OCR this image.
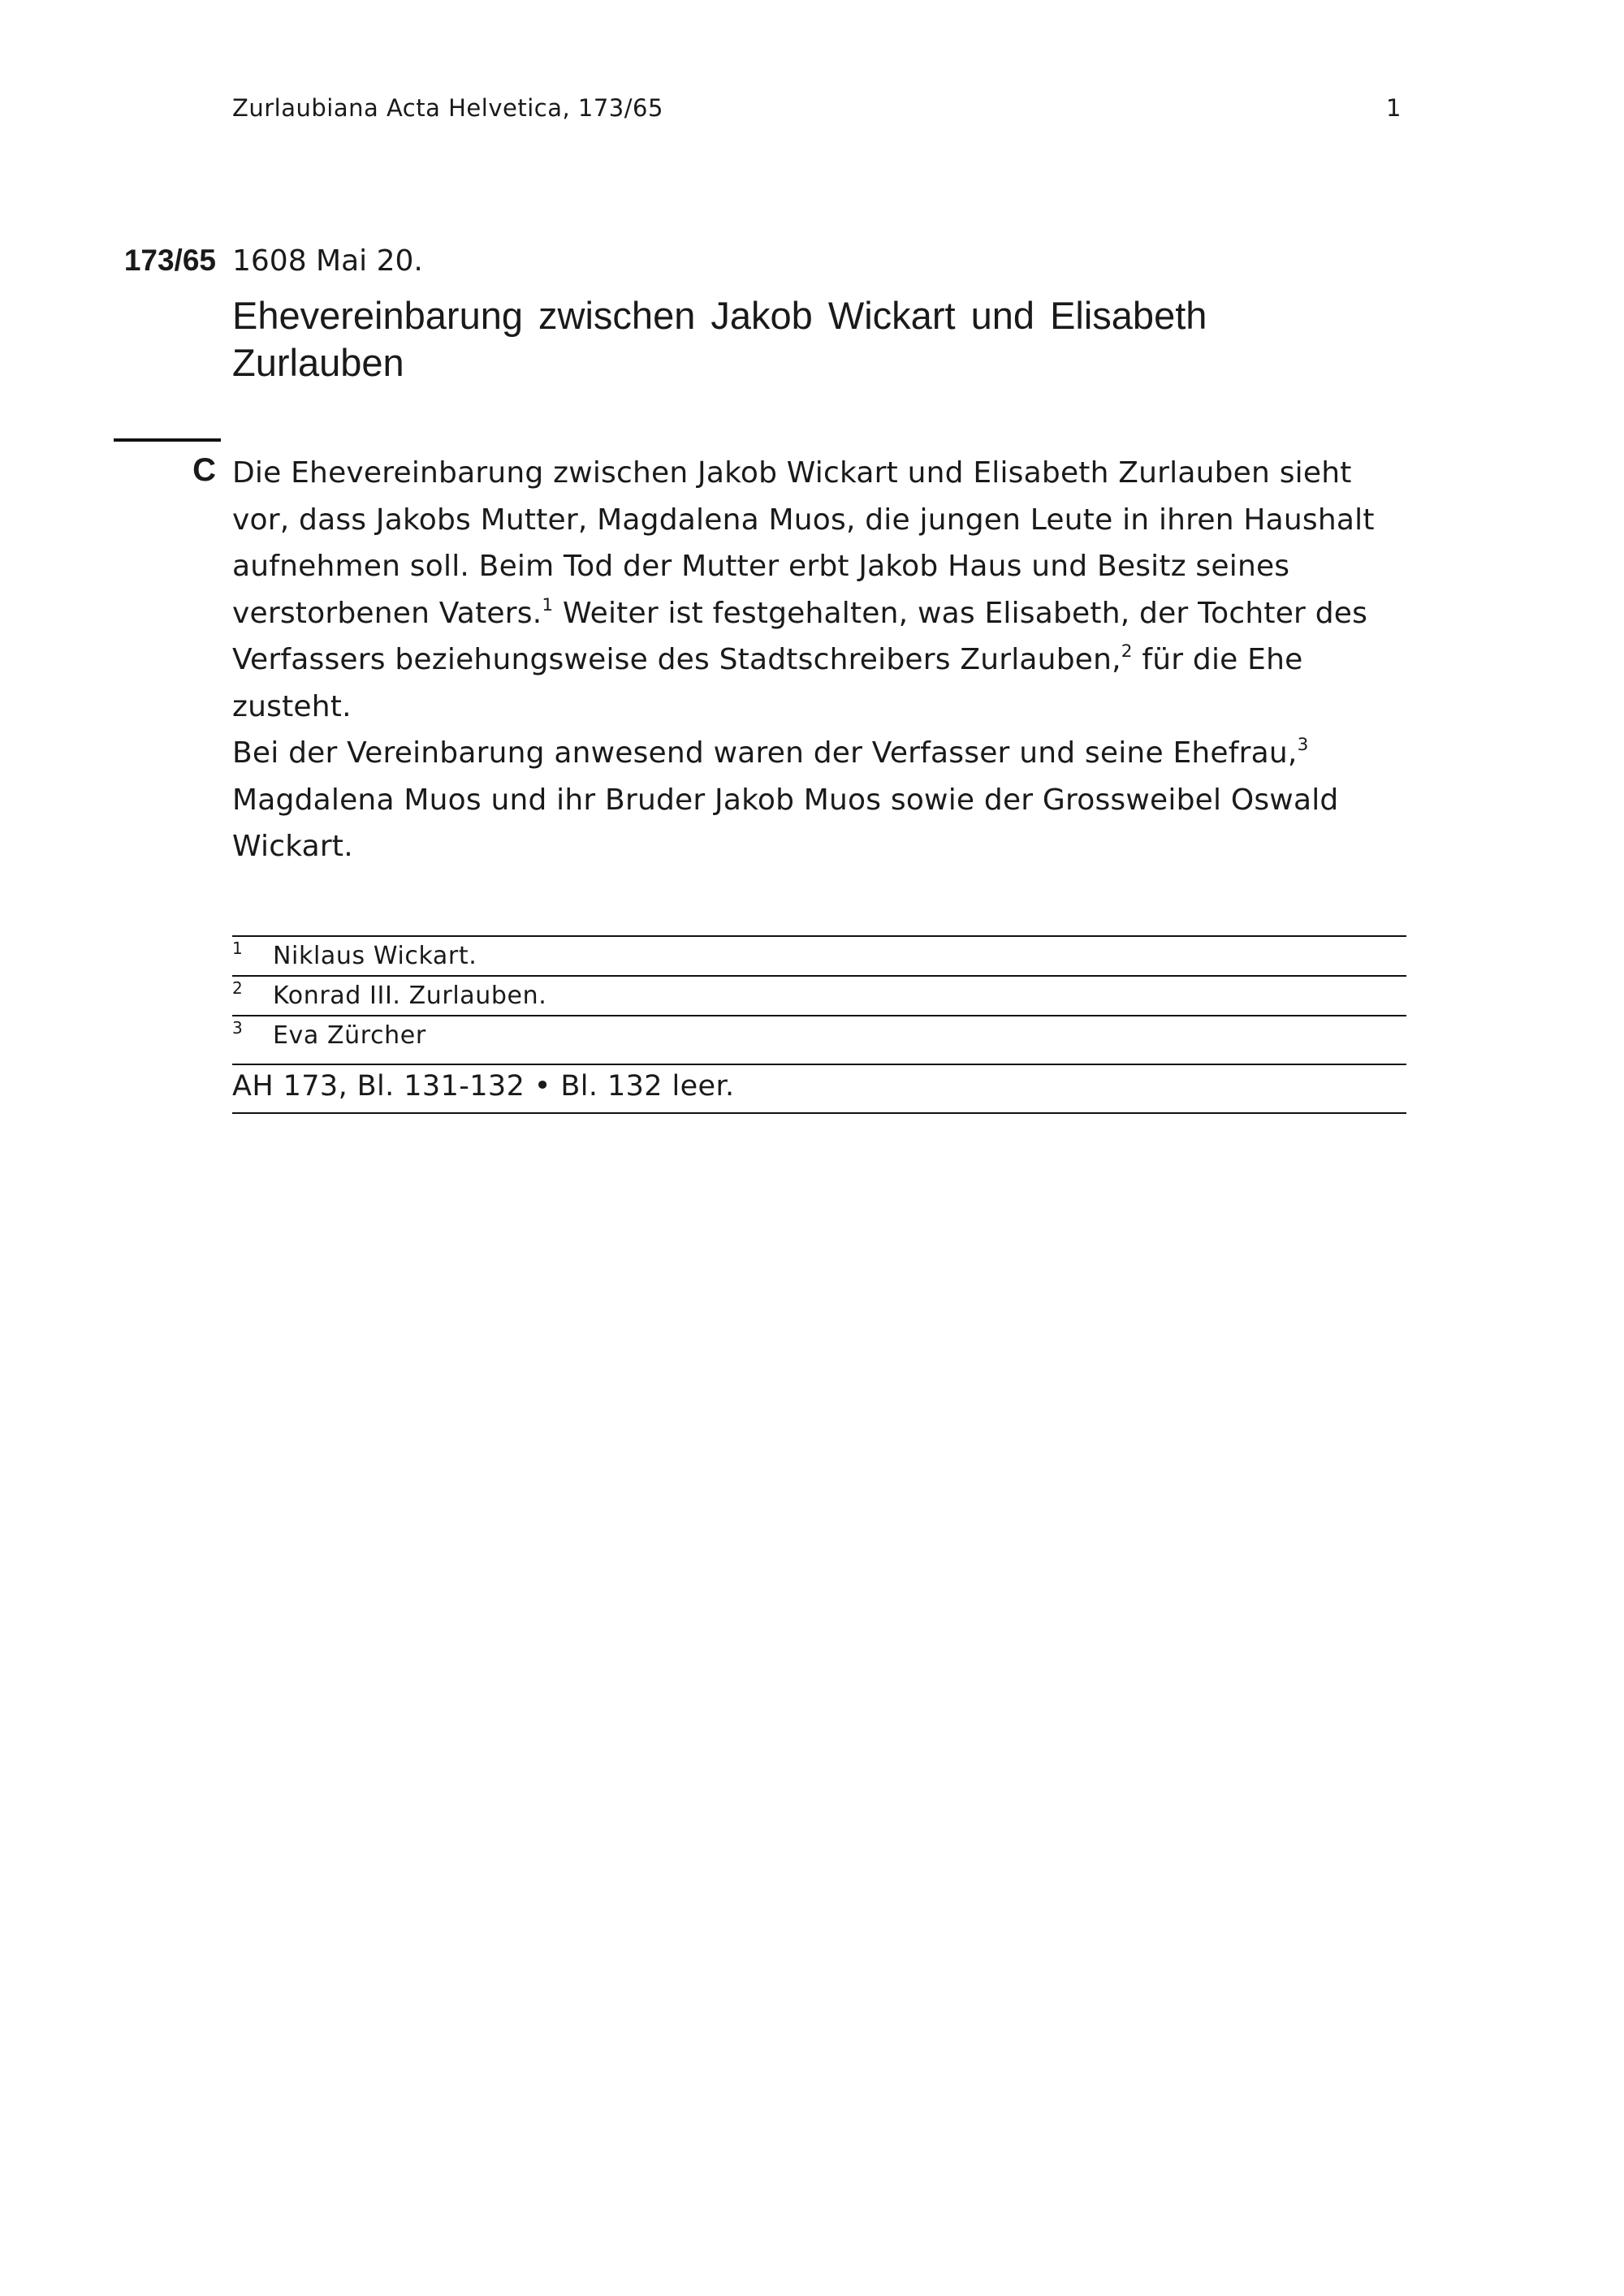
Zurlaubiana Acta Helvetica, 173/65	1
173/65 1608 Mai 20.
Ehevereinbarung zwischen Jakob Wickart und Elisabeth Zurlauben
C Die Ehevereinbarung zwischen Jakob Wickart und Elisabeth Zurlauben sieht vor, dass Jakobs Mutter, Magdalena Muos, die jungen Leute in ihren Haushalt aufnehmen soll. Beim Tod der Mutter erbt Jakob Haus und Besitz seines verstorbenen Vaters.$^1$ Weiter ist festgehalten, was Elisabeth, der Tochter des Verfassers beziehungsweise des Stadtschreibers Zurlauben,$^2$ für die Ehe zusteht.

Bei der Vereinbarung anwesend waren der Verfasser und seine Ehefrau,$^3$
Magdalena Muos und ihr Bruder Jakob Muos sowie der Grossweibel Oswald Wickart.

1 Niklaus Wickart.
2 Konrad III. Zurlauben.
3 Eva Zürcher
AH 173, Bl. 131-132 • Bl. 132 leer.
